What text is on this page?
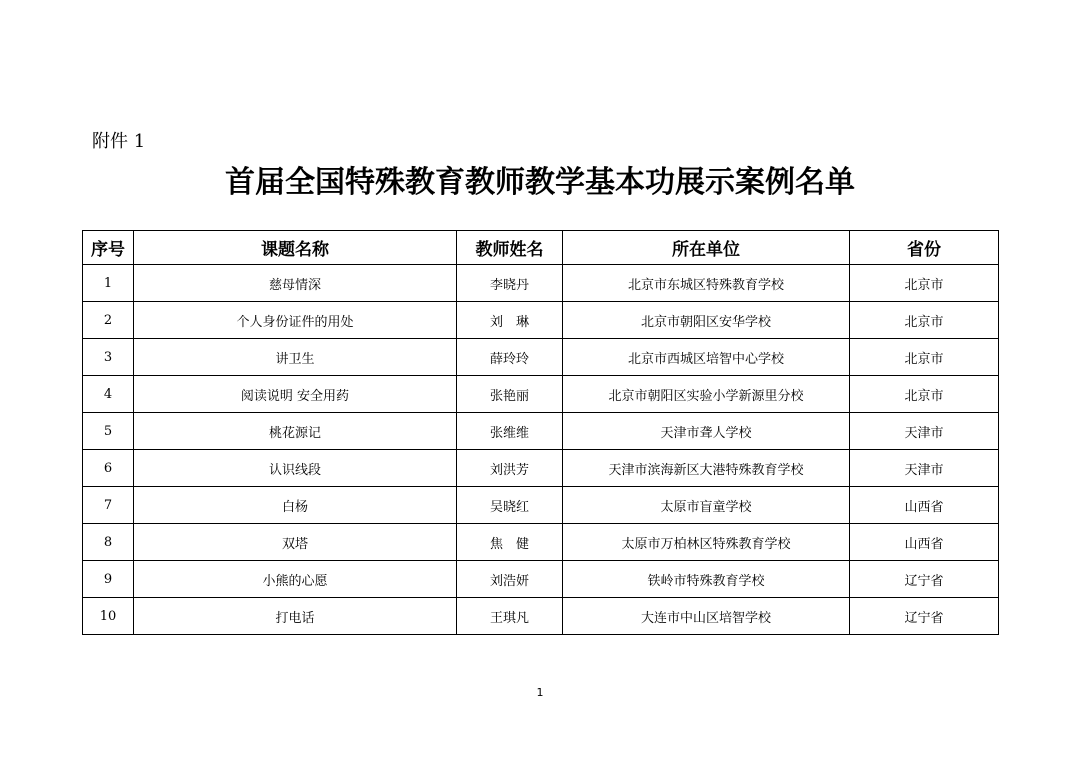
附件 1
首届全国特殊教育教师教学基本功展示案例名单
序号	课题名称	教师姓名	所在单位	省份
1	慈母情深	李晓丹	北京市东城区特殊教育学校	北京市
2	个人身份证件的用处	刘　琳	北京市朝阳区安华学校	北京市
3	讲卫生	薛玲玲	北京市西城区培智中心学校	北京市
4	阅读说明 安全用药	张艳丽	北京市朝阳区实验小学新源里分校	北京市
5	桃花源记	张维维	天津市聋人学校	天津市
6	认识线段	刘洪芳	天津市滨海新区大港特殊教育学校	天津市
7	白杨	吴晓红	太原市盲童学校	山西省
8	双塔	焦　健	太原市万柏林区特殊教育学校	山西省
9	小熊的心愿	刘浩妍	铁岭市特殊教育学校	辽宁省
10	打电话	王琪凡	大连市中山区培智学校	辽宁省
1
